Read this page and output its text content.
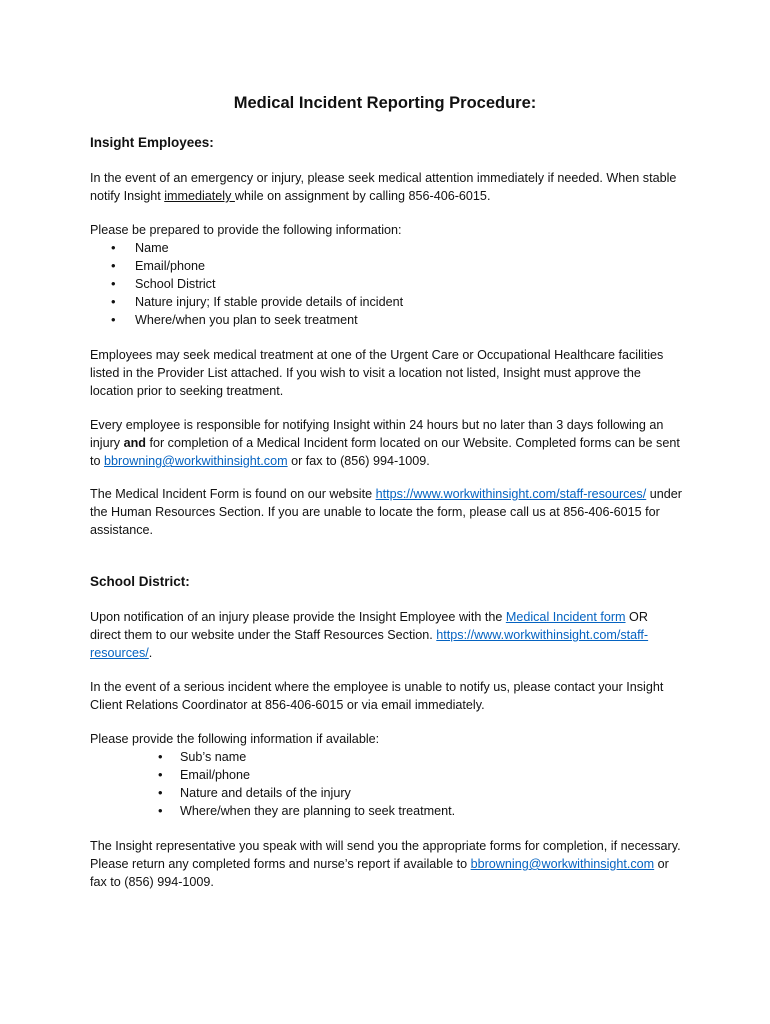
Medical Incident Reporting Procedure:
Insight Employees:

In the event of an emergency or injury, please seek medical attention immediately if needed. When stable notify Insight immediately while on assignment by calling 856-406-6015.

Please be prepared to provide the following information:

• Name
• Email/phone
• School District
• Nature injury; If stable provide details of incident
• Where/when you plan to seek treatment

Employees may seek medical treatment at one of the Urgent Care or Occupational Healthcare facilities listed in the Provider List attached. If you wish to visit a location not listed, Insight must approve the location prior to seeking treatment.

Every employee is responsible for notifying Insight within 24 hours but no later than 3 days following an injury and for completion of a Medical Incident form located on our Website. Completed forms can be sent to bbrowning@workwithinsight.com or fax to (856) 994-1009.

The Medical Incident Form is found on our website https://www.workwithinsight.com/staff-resources/ under the Human Resources Section. If you are unable to locate the form, please call us at 856-406-6015 for assistance.

School District:

Upon notification of an injury please provide the Insight Employee with the Medical Incident form OR direct them to our website under the Staff Resources Section. https://www.workwithinsight.com/staff-resources/.

In the event of a serious incident where the employee is unable to notify us, please contact your Insight Client Relations Coordinator at 856-406-6015 or via email immediately.

Please provide the following information if available:

• Sub’s name
• Email/phone
• Nature and details of the injury
• Where/when they are planning to seek treatment.

The Insight representative you speak with will send you the appropriate forms for completion, if necessary. Please return any completed forms and nurse’s report if available to bbrowning@workwithinsight.com or fax to (856) 994-1009.
